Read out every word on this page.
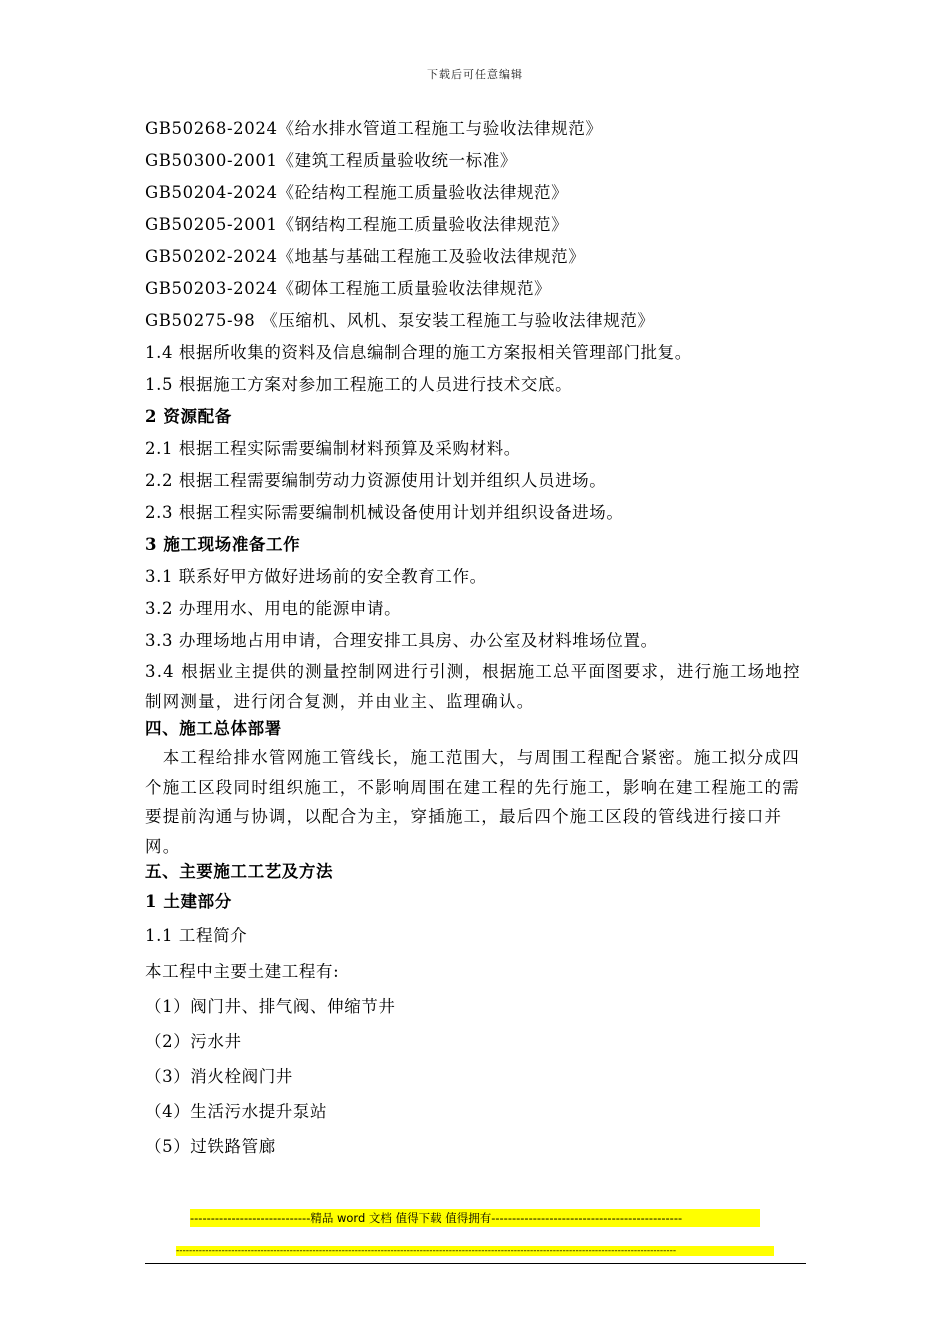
下载后可任意编辑
GB50268-2024《给水排水管道工程施工与验收法律规范》
GB50300-2001《建筑工程质量验收统一标准》
GB50204-2024《砼结构工程施工质量验收法律规范》
GB50205-2001《钢结构工程施工质量验收法律规范》
GB50202-2024《地基与基础工程施工及验收法律规范》
GB50203-2024《砌体工程施工质量验收法律规范》
GB50275-98 《压缩机、风机、泵安装工程施工与验收法律规范》
1.4 根据所收集的资料及信息编制合理的施工方案报相关管理部门批复。
1.5 根据施工方案对参加工程施工的人员进行技术交底。
2 资源配备
2.1 根据工程实际需要编制材料预算及采购材料。
2.2 根据工程需要编制劳动力资源使用计划并组织人员进场。
2.3 根据工程实际需要编制机械设备使用计划并组织设备进场。
3 施工现场准备工作
3.1 联系好甲方做好进场前的安全教育工作。
3.2 办理用水、用电的能源申请。
3.3 办理场地占用申请，合理安排工具房、办公室及材料堆场位置。
3.4 根据业主提供的测量控制网进行引测，根据施工总平面图要求，进行施工场地控制网测量，进行闭合复测，并由业主、监理确认。
四、施工总体部署
　本工程给排水管网施工管线长，施工范围大，与周围工程配合紧密。施工拟分成四个施工区段同时组织施工，不影响周围在建工程的先行施工，影响在建工程施工的需要提前沟通与协调，以配合为主，穿插施工，最后四个施工区段的管线进行接口并网。
五、主要施工工艺及方法
1 土建部分
1.1 工程简介
本工程中主要土建工程有:
（1）阀门井、排气阀、伸缩节井
（2）污水井
（3）消火栓阀门井
（4）生活污水提升泵站
（5）过铁路管廊
-----------------------------精品 word 文档 值得下载 值得拥有----------------------------------------------
----------------------------------------------------------------------------------------------------------------------------------------------------------
